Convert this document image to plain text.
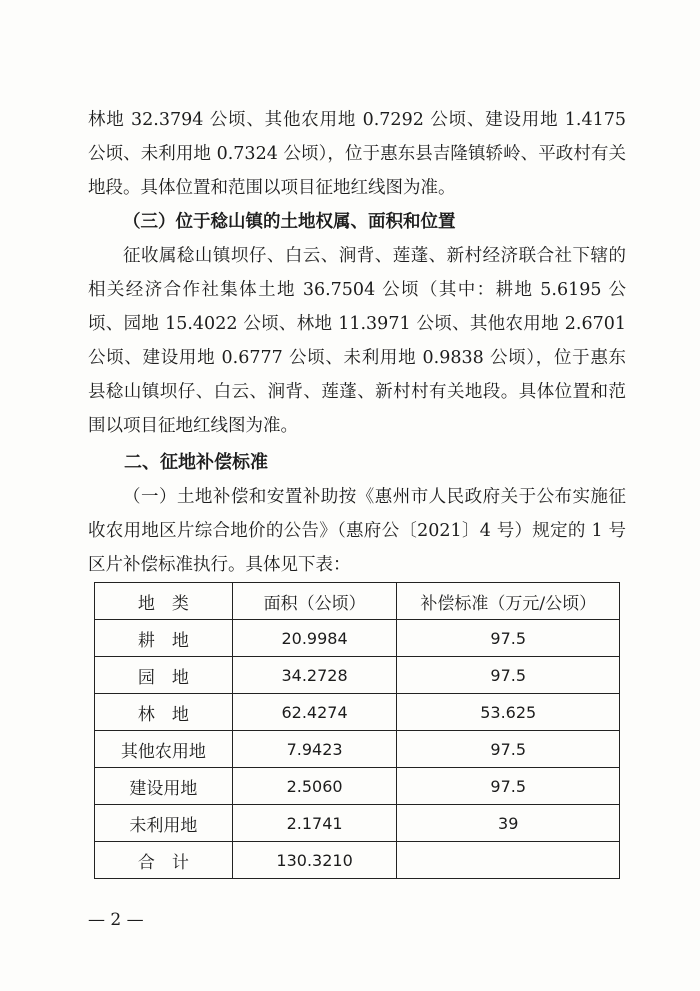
林地 32.3794 公顷、其他农用地 0.7292 公顷、建设用地 1.4175 公顷、未利用地 0.7324 公顷），位于惠东县吉隆镇轿岭、平政村有关地段。具体位置和范围以项目征地红线图为准。
（三）位于稔山镇的土地权属、面积和位置
征收属稔山镇坝仔、白云、涧背、莲蓬、新村经济联合社下辖的相关经济合作社集体土地 36.7504 公顷（其中：耕地 5.6195 公顷、园地 15.4022 公顷、林地 11.3971 公顷、其他农用地 2.6701 公顷、建设用地 0.6777 公顷、未利用地 0.9838 公顷），位于惠东县稔山镇坝仔、白云、涧背、莲蓬、新村村有关地段。具体位置和范围以项目征地红线图为准。
二、征地补偿标准
（一）土地补偿和安置补助按《惠州市人民政府关于公布实施征收农用地区片综合地价的公告》（惠府公〔2021〕4 号）规定的 1 号区片补偿标准执行。具体见下表：
地　类	面积（公顷）	补偿标准（万元/公顷）
耕　地	20.9984	97.5
园　地	34.2728	97.5
林　地	62.4274	53.625
其他农用地	7.9423	97.5
建设用地	2.5060	97.5
未利用地	2.1741	39
合　计	130.3210	
— 2 —
